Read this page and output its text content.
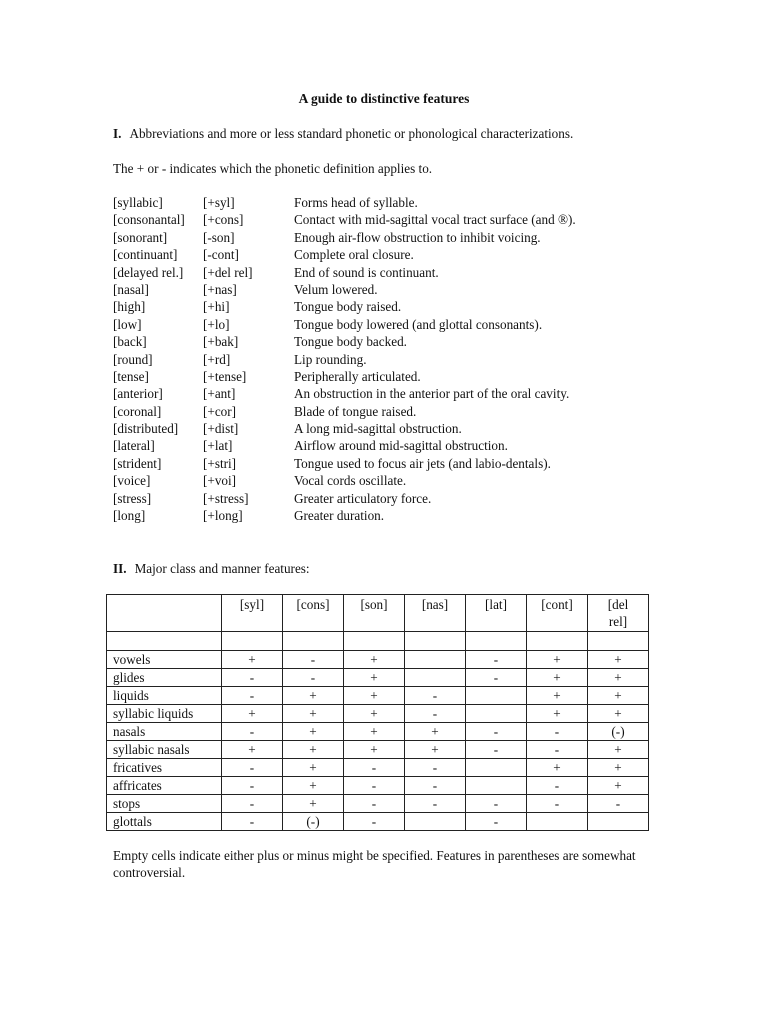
A guide to distinctive features
I. Abbreviations and more or less standard phonetic or phonological characterizations.
The + or - indicates which the phonetic definition applies to.
[syllabic]	[+syl]	Forms head of syllable.
[consonantal] [+cons]	Contact with mid-sagittal vocal tract surface (and ®).
[sonorant]	[-son]	Enough air-flow obstruction to inhibit voicing.
[continuant] [-cont]	Complete oral closure.
[delayed rel.] [+del rel]	End of sound is continuant.
[nasal]	[+nas]	Velum lowered.
[high]	[+hi]	Tongue body raised.
[low]	[+lo]	Tongue body lowered (and glottal consonants).
[back]	[+bak]	Tongue body backed.
[round]	[+rd]	Lip rounding.
[tense]	[+tense]	Peripherally articulated.
[anterior]	[+ant]	An obstruction in the anterior part of the oral cavity.
[coronal]	[+cor]	Blade of tongue raised.
[distributed] [+dist]	A long mid-sagittal obstruction.
[lateral]	[+lat]	Airflow around mid-sagittal obstruction.
[strident]	[+stri]	Tongue used to focus air jets (and labio-dentals).
[voice]	[+voi]	Vocal cords oscillate.
[stress]	[+stress]	Greater articulatory force.
[long]	[+long]	Greater duration.
II. Major class and manner features:
	[syl]	[cons]	[son]	[nas]	[lat]	[cont]	[del rel]

vowels	+	-	+		-	+	+
glides	-	-	+		-	+	+
liquids	-	+	+	-		+	+
syllabic liquids	+	+	+	-		+	+
nasals	-	+	+	+	-	-	(-)
syllabic nasals	+	+	+	+	-	-	+
fricatives	-	+	-	-		+	+
affricates	-	+	-	-		-	+
stops	-	+	-	-	-	-	-
glottals	-	(-)	-		-		
Empty cells indicate either plus or minus might be specified. Features in parentheses are somewhat controversial.
